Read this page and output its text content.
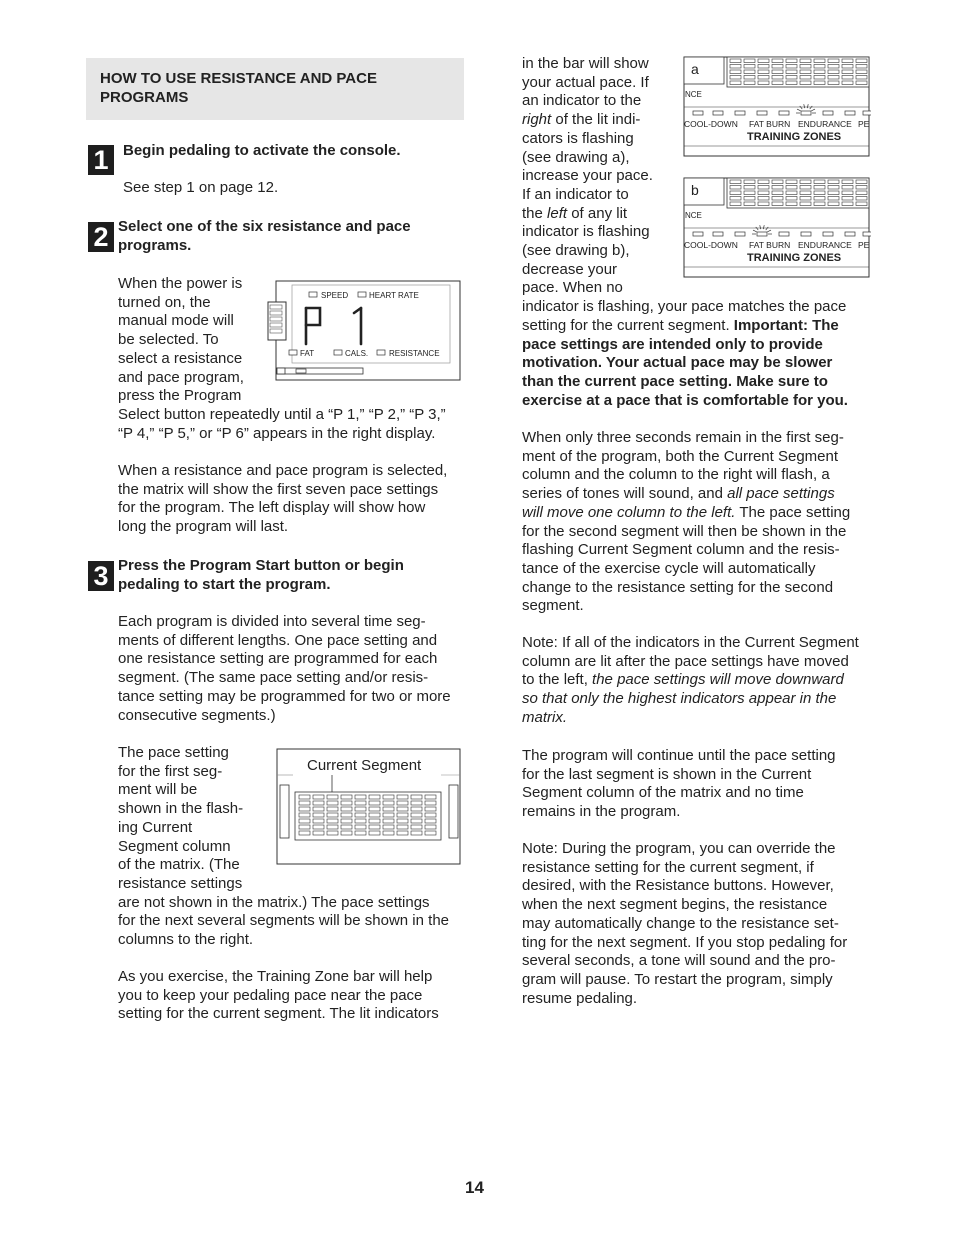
HOW TO USE RESISTANCE AND PACE
PROGRAMS
1 Begin pedaling to activate the console.
See step 1 on page 12.
2 Select one of the six resistance and pace
programs.
When the power is
turned on, the
manual mode will
be selected. To
select a resistance
and pace program,
press the Program
Select button repeatedly until a “P 1,” “P 2,” “P 3,”
“P 4,” “P 5,” or “P 6” appears in the right display.
When a resistance and pace program is selected,
the matrix will show the first seven pace settings
for the program. The left display will show how
long the program will last.
SPEED	HEART RATE
FAT	CALS.	RESISTANCE
3 Press the Program Start button or begin
pedaling to start the program.
Each program is divided into several time seg-
ments of different lengths. One pace setting and
one resistance setting are programmed for each
segment. (The same pace setting and/or resis-
tance setting may be programmed for two or more
consecutive segments.)
The pace setting
for the first seg-
ment will be
shown in the flash-
ing Current
Segment column
of the matrix. (The
resistance settings
are not shown in the matrix.) The pace settings
for the next several segments will be shown in the
columns to the right.
As you exercise, the Training Zone bar will help
you to keep your pedaling pace near the pace
setting for the current segment. The lit indicators
Current Segment
a
NCE
COOL-DOWN FAT BURN ENDURANCE PE
TRAINING ZONES
b
NCE
COOL-DOWN FAT BURN ENDURANCE PE
TRAINING ZONES
in the bar will show
your actual pace. If
an indicator to the
right of the lit indi-
cators is flashing
(see drawing a),
increase your pace.
If an indicator to
the left of any lit
indicator is flashing
(see drawing b),
decrease your
pace. When no
indicator is flashing, your pace matches the pace
setting for the current segment. Important: The
pace settings are intended only to provide
motivation. Your actual pace may be slower
than the current pace setting. Make sure to
exercise at a pace that is comfortable for you.
When only three seconds remain in the first seg-
ment of the program, both the Current Segment
column and the column to the right will flash, a
series of tones will sound, and all pace settings
will move one column to the left. The pace setting
for the second segment will then be shown in the
flashing Current Segment column and the resis-
tance of the exercise cycle will automatically
change to the resistance setting for the second
segment.
Note: If all of the indicators in the Current Segment
column are lit after the pace settings have moved
to the left, the pace settings will move downward
so that only the highest indicators appear in the
matrix.
The program will continue until the pace setting
for the last segment is shown in the Current
Segment column of the matrix and no time
remains in the program.
Note: During the program, you can override the
resistance setting for the current segment, if
desired, with the Resistance buttons. However,
when the next segment begins, the resistance
may automatically change to the resistance set-
ting for the next segment. If you stop pedaling for
several seconds, a tone will sound and the pro-
gram will pause. To restart the program, simply
resume pedaling.
14
